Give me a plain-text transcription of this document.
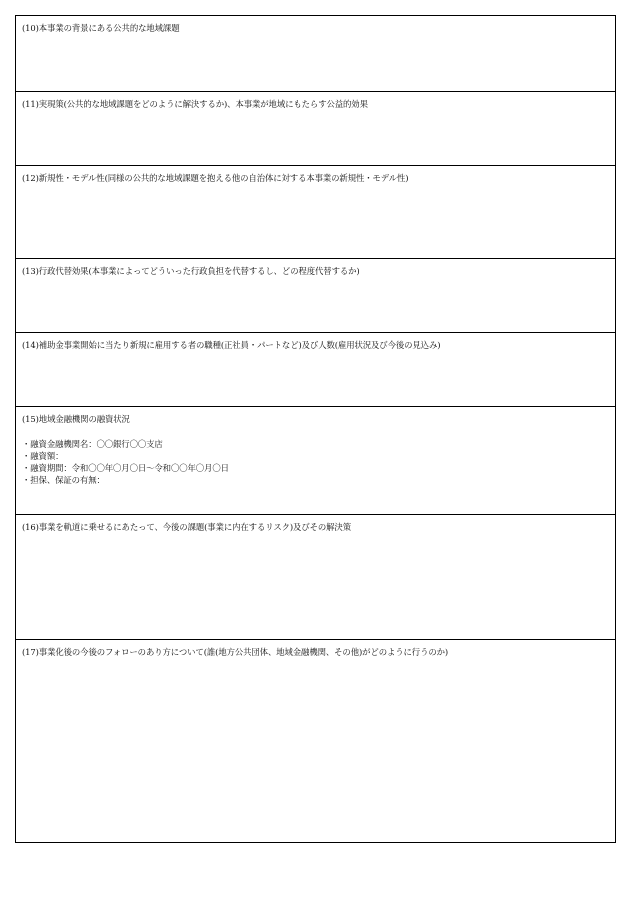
(10)本事業の背景にある公共的な地域課題
(11)実現策(公共的な地域課題をどのように解決するか)、本事業が地域にもたらす公益的効果
(12)新規性・モデル性(同様の公共的な地域課題を抱える他の自治体に対する本事業の新規性・モデル性)
(13)行政代替効果(本事業によってどういった行政負担を代替するし、どの程度代替するか)
(14)補助金事業開始に当たり新規に雇用する者の職種(正社員・パートなど)及び人数(雇用状況及び今後の見込み)
(15)地域金融機関の融資状況
・融資金融機関名：〇〇銀行〇〇支店
・融資額：
・融資期間：令和〇〇年〇月〇日～令和〇〇年〇月〇日
・担保、保証の有無：
(16)事業を軌道に乗せるにあたって、今後の課題(事業に内在するリスク)及びその解決策
(17)事業化後の今後のフォローのあり方について(誰(地方公共団体、地域金融機関、その他)がどのように行うのか)
